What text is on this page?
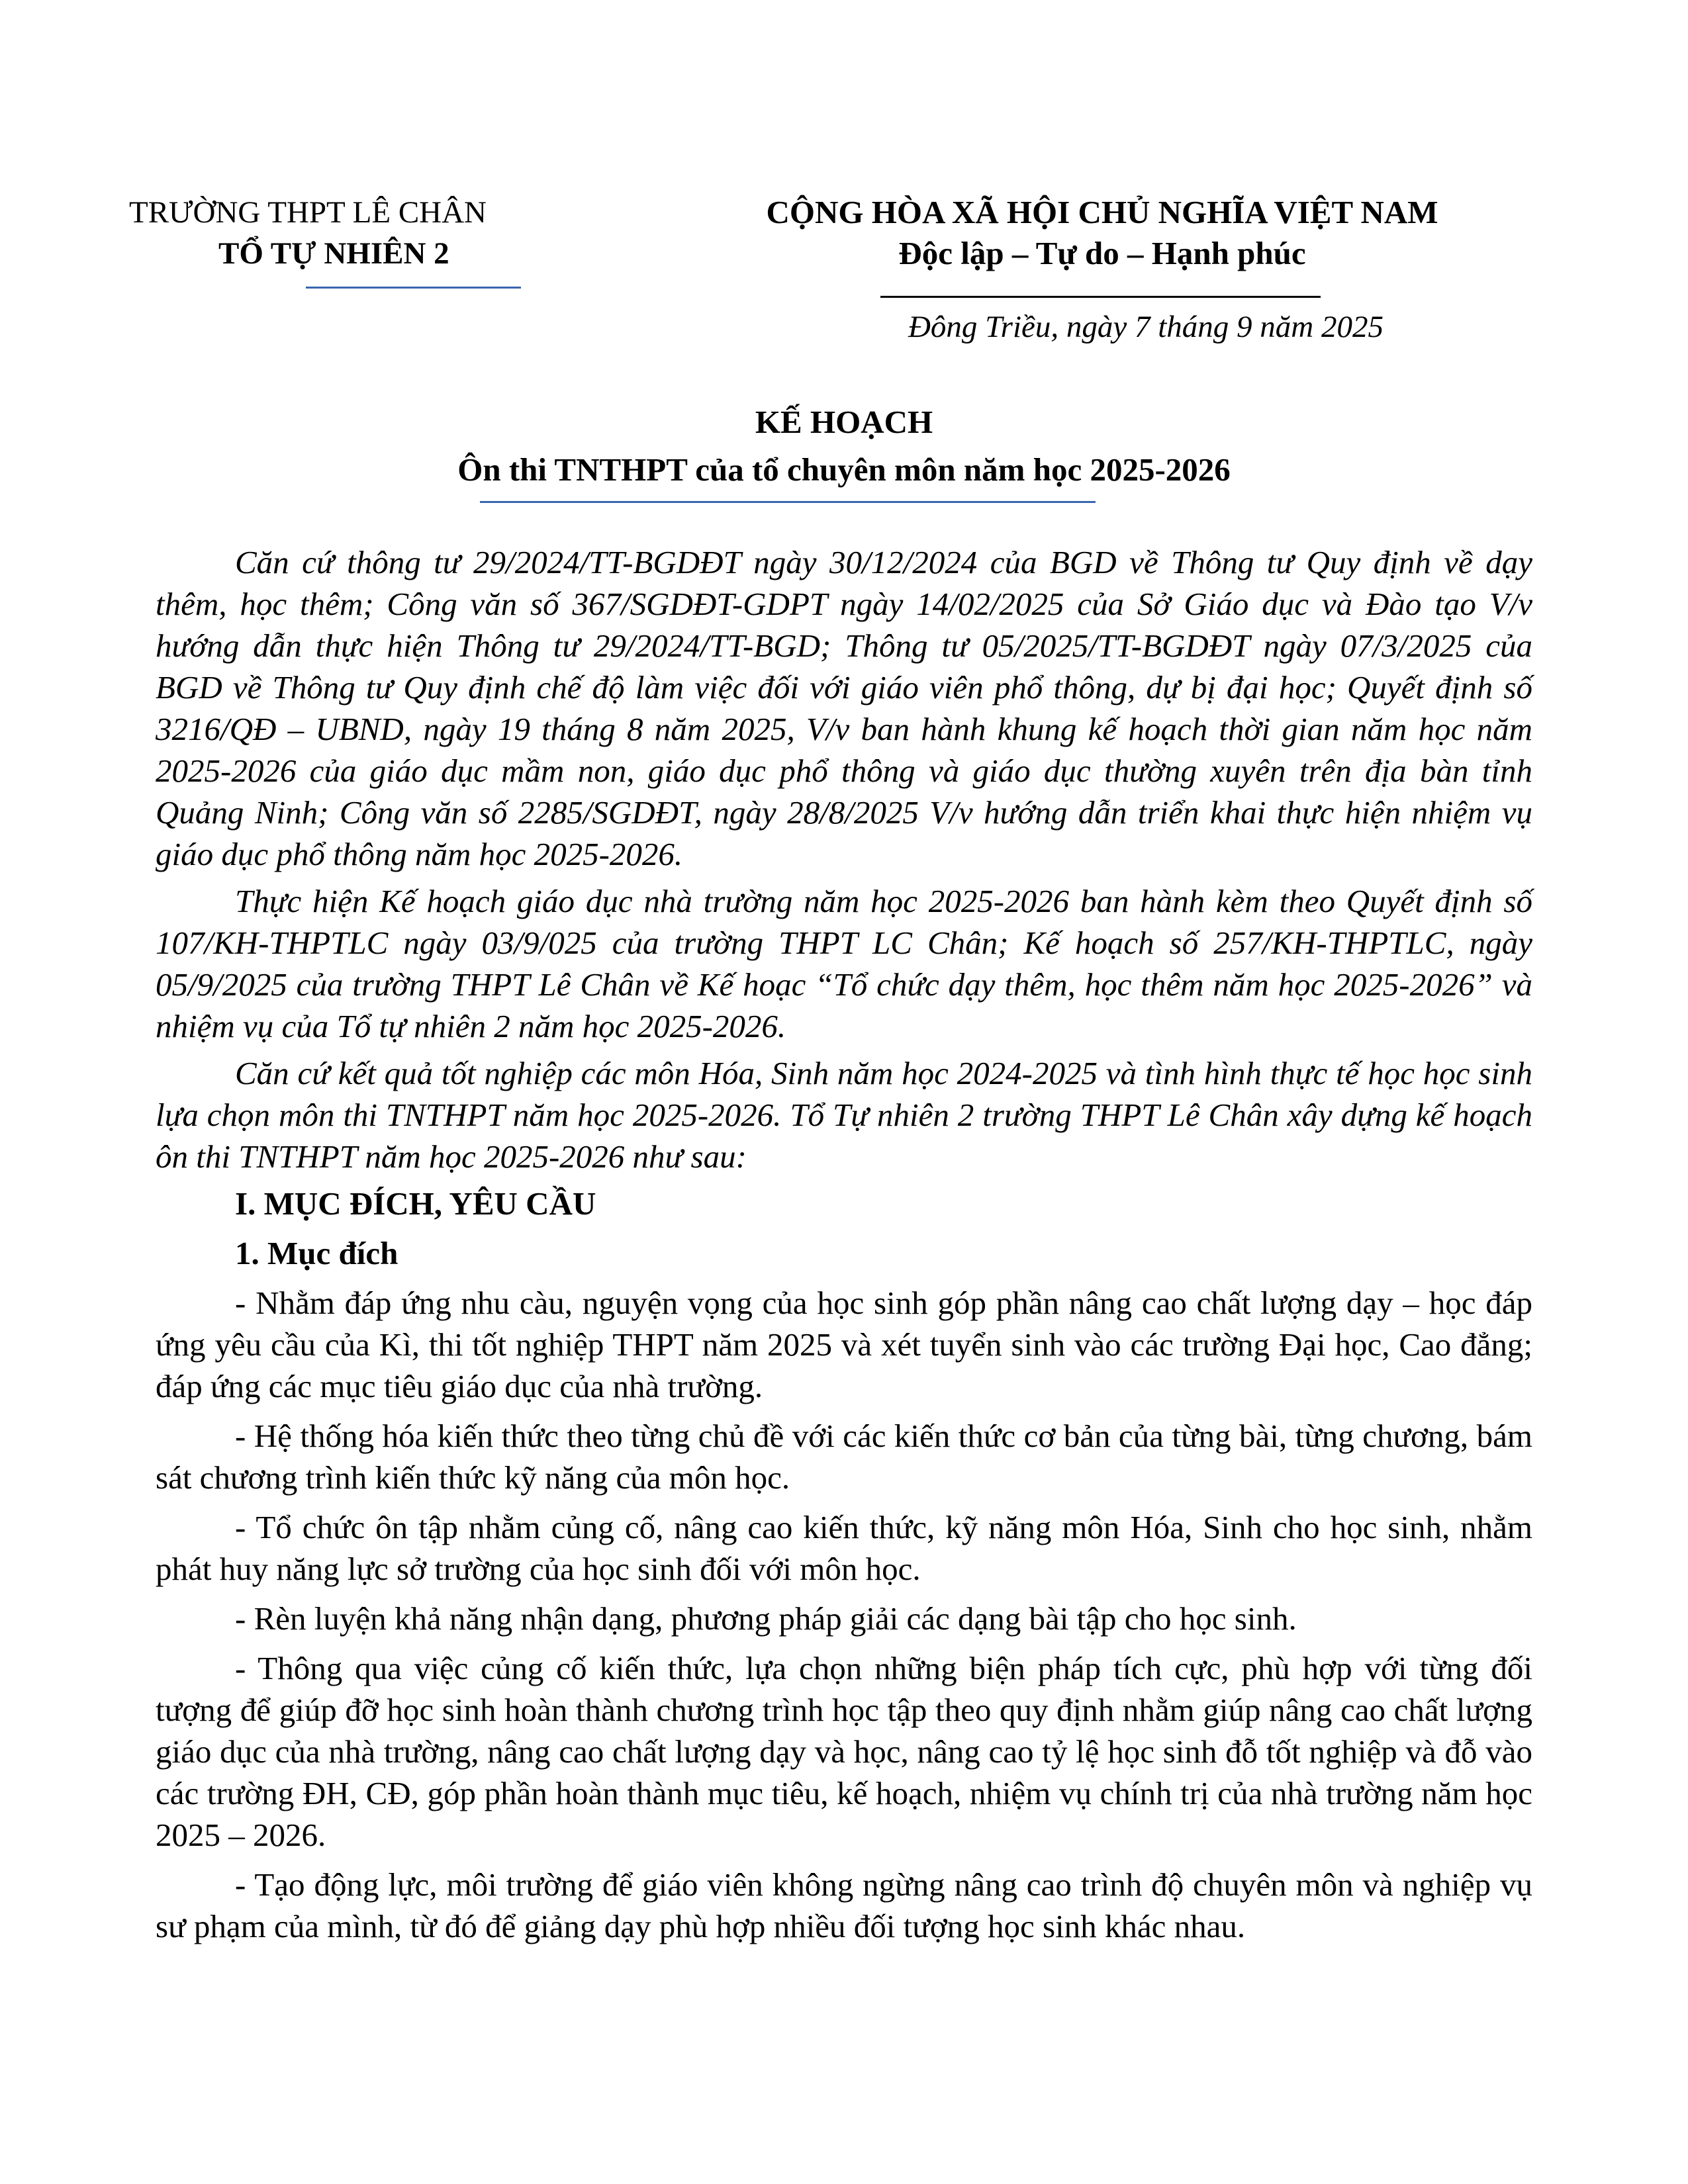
TRƯỜNG THPT LÊ CHÂN
TỔ TỰ NHIÊN 2
CỘNG HÒA XÃ HỘI CHỦ NGHĨA VIỆT NAM
Độc lập – Tự do – Hạnh phúc
Đông Triều, ngày 7 tháng 9 năm 2025
KẾ HOẠCH
Ôn thi TNTHPT của tổ chuyên môn năm học 2025-2026

Căn cứ thông tư 29/2024/TT-BGDĐT ngày 30/12/2024 của BGD về Thông tư Quy định về dạy thêm, học thêm; Công văn số 367/SGDĐT-GDPT ngày 14/02/2025 của Sở Giáo dục và Đào tạo V/v hướng dẫn thực hiện Thông tư 29/2024/TT-BGD; Thông tư 05/2025/TT-BGDĐT ngày 07/3/2025 của BGD về Thông tư Quy định chế độ làm việc đối với giáo viên phổ thông, dự bị đại học; Quyết định số 3216/QĐ – UBND, ngày 19 tháng 8 năm 2025, V/v ban hành khung kế hoạch thời gian năm học năm 2025-2026 của giáo dục mầm non, giáo dục phổ thông và giáo dục thường xuyên trên địa bàn tỉnh Quảng Ninh; Công văn số 2285/SGDĐT, ngày 28/8/2025 V/v hướng dẫn triển khai thực hiện nhiệm vụ giáo dục phổ thông năm học 2025-2026.

Thực hiện Kế hoạch giáo dục nhà trường năm học 2025-2026 ban hành kèm theo Quyết định số 107/KH-THPTLC ngày 03/9/025 của trường THPT LC Chân; Kế hoạch số 257/KH-THPTLC, ngày 05/9/2025 của trường THPT Lê Chân về Kế hoạc “Tổ chức dạy thêm, học thêm năm học 2025-2026” và nhiệm vụ của Tổ tự nhiên 2 năm học 2025-2026.

Căn cứ kết quả tốt nghiệp các môn Hóa, Sinh năm học 2024-2025 và tình hình thực tế học học sinh lựa chọn môn thi TNTHPT năm học 2025-2026. Tổ Tự nhiên 2 trường THPT Lê Chân xây dựng kế hoạch ôn thi TNTHPT năm học 2025-2026 như sau:

I. MỤC ĐÍCH, YÊU CẦU
1. Mục đích

- Nhằm đáp ứng nhu càu, nguyện vọng của học sinh góp phần nâng cao chất lượng dạy – học đáp ứng yêu cầu của Kì, thi tốt nghiệp THPT năm 2025 và xét tuyển sinh vào các trường Đại học, Cao đẳng; đáp ứng các mục tiêu giáo dục của nhà trường.

- Hệ thống hóa kiến thức theo từng chủ đề với các kiến thức cơ bản của từng bài, từng chương, bám sát chương trình kiến thức kỹ năng của môn học.

- Tổ chức ôn tập nhằm củng cố, nâng cao kiến thức, kỹ năng môn Hóa, Sinh cho học sinh, nhằm phát huy năng lực sở trường của học sinh đối với môn học.

- Rèn luyện khả năng nhận dạng, phương pháp giải các dạng bài tập cho học sinh.

- Thông qua việc củng cố kiến thức, lựa chọn những biện pháp tích cực, phù hợp với từng đối tượng để giúp đỡ học sinh hoàn thành chương trình học tập theo quy định nhằm giúp nâng cao chất lượng giáo dục của nhà trường, nâng cao chất lượng dạy và học, nâng cao tỷ lệ học sinh đỗ tốt nghiệp và đỗ vào các trường ĐH, CĐ, góp phần hoàn thành mục tiêu, kế hoạch, nhiệm vụ chính trị của nhà trường năm học 2025 – 2026.

- Tạo động lực, môi trường để giáo viên không ngừng nâng cao trình độ chuyên môn và nghiệp vụ sư phạm của mình, từ đó để giảng dạy phù hợp nhiều đối tượng học sinh khác nhau.
